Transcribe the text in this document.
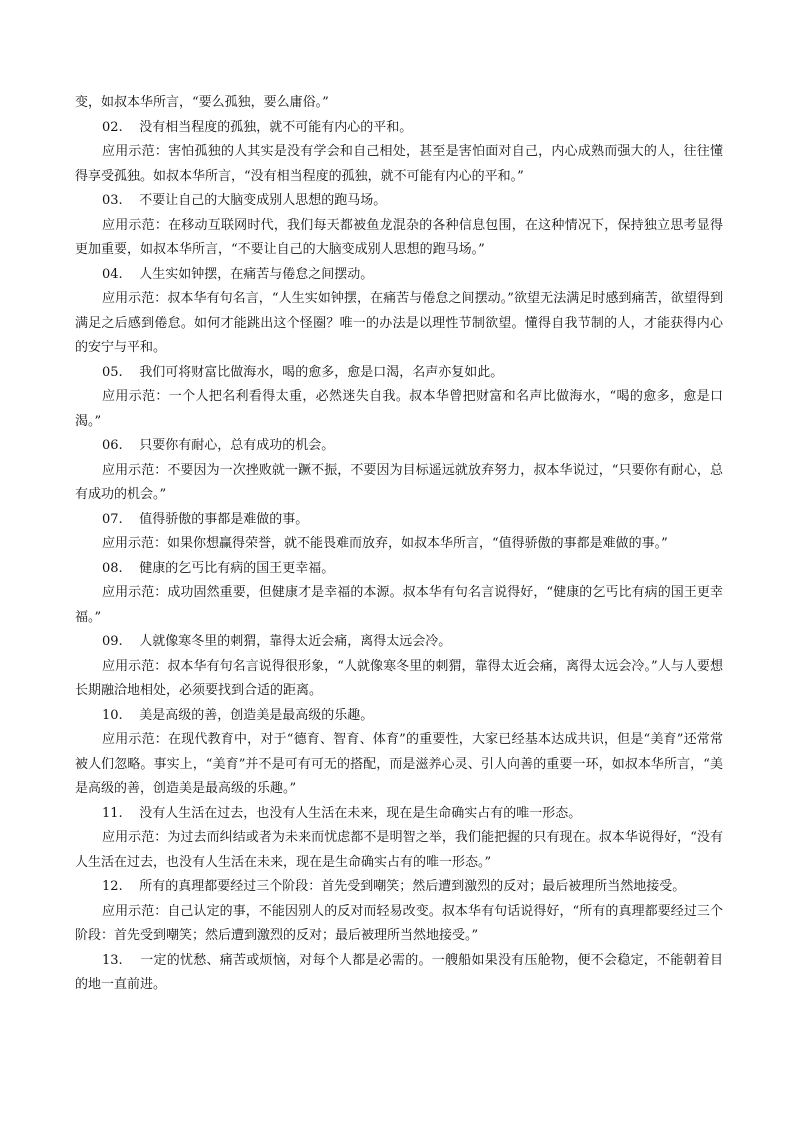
变，如叔本华所言，“要么孤独，要么庸俗。”

02.    没有相当程度的孤独，就不可能有内心的平和。

应用示范：害怕孤独的人其实是没有学会和自己相处，甚至是害怕面对自己，内心成熟而强大的人，往往懂得享受孤独。如叔本华所言，“没有相当程度的孤独，就不可能有内心的平和。”

03.    不要让自己的大脑变成别人思想的跑马场。

应用示范：在移动互联网时代，我们每天都被鱼龙混杂的各种信息包围，在这种情况下，保持独立思考显得更加重要，如叔本华所言，“不要让自己的大脑变成别人思想的跑马场。”

04.    人生实如钟摆，在痛苦与倦怠之间摆动。

应用示范：叔本华有句名言，“人生实如钟摆，在痛苦与倦怠之间摆动。”欲望无法满足时感到痛苦，欲望得到满足之后感到倦怠。如何才能跳出这个怪圈？唯一的办法是以理性节制欲望。懂得自我节制的人，才能获得内心的安宁与平和。

05.    我们可将财富比做海水，喝的愈多，愈是口渴，名声亦复如此。

应用示范：一个人把名利看得太重，必然迷失自我。叔本华曾把财富和名声比做海水，“喝的愈多，愈是口渴。”

06.    只要你有耐心，总有成功的机会。

应用示范：不要因为一次挫败就一蹶不振，不要因为目标遥远就放弃努力，叔本华说过，“只要你有耐心，总有成功的机会。”

07.    值得骄傲的事都是难做的事。

应用示范：如果你想赢得荣誉，就不能畏难而放弃，如叔本华所言，“值得骄傲的事都是难做的事。”

08.    健康的乞丐比有病的国王更幸福。

应用示范：成功固然重要，但健康才是幸福的本源。叔本华有句名言说得好，“健康的乞丐比有病的国王更幸福。”

09.    人就像寒冬里的刺猬，靠得太近会痛，离得太远会冷。

应用示范：叔本华有句名言说得很形象，“人就像寒冬里的刺猬，靠得太近会痛，离得太远会冷。”人与人要想长期融洽地相处，必须要找到合适的距离。

10.    美是高级的善，创造美是最高级的乐趣。

应用示范：在现代教育中，对于“德育、智育、体育”的重要性，大家已经基本达成共识，但是“美育”还常常被人们忽略。事实上，“美育”并不是可有可无的搭配，而是滋养心灵、引人向善的重要一环，如叔本华所言，“美是高级的善，创造美是最高级的乐趣。”

11.    没有人生活在过去，也没有人生活在未来，现在是生命确实占有的唯一形态。

应用示范：为过去而纠结或者为未来而忧虑都不是明智之举，我们能把握的只有现在。叔本华说得好，“没有人生活在过去，也没有人生活在未来，现在是生命确实占有的唯一形态。”

12.    所有的真理都要经过三个阶段：首先受到嘲笑；然后遭到激烈的反对；最后被理所当然地接受。

应用示范：自己认定的事，不能因别人的反对而轻易改变。叔本华有句话说得好，“所有的真理都要经过三个阶段：首先受到嘲笑；然后遭到激烈的反对；最后被理所当然地接受。”

13.    一定的忧愁、痛苦或烦恼，对每个人都是必需的。一艘船如果没有压舱物，便不会稳定，不能朝着目的地一直前进。
